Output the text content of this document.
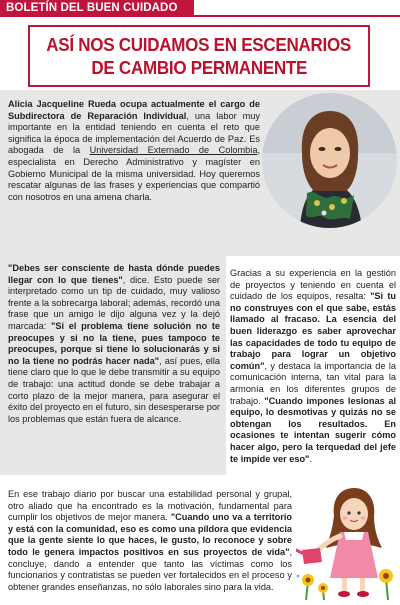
BOLETÍN DEL BUEN CUIDADO
ASÍ NOS CUIDAMOS EN ESCENARIOS
DE CAMBIO PERMANENTE

Alicia Jacqueline Rueda ocupa actualmente el cargo de Subdirectora de Reparación Individual, una labor muy importante en la entidad teniendo en cuenta el reto que significa la época de implementación del Acuerdo de Paz. Es abogada de la Universidad Externado de Colombia, especialista en Derecho Administrativo y magíster en Gobierno Municipal de la misma universidad. Hoy queremos rescatar algunas de las frases y experiencias que compartió con nosotros en una amena charla.

"Debes ser consciente de hasta dónde puedes llegar con lo que tienes", dice. Esto puede ser interpretado como un tip de cuidado, muy valioso frente a la sobrecarga laboral; además, recordó una frase que un amigo le dijo alguna vez y la dejó marcada: "Si el problema tiene solución no te preocupes y si no la tiene, pues tampoco te preocupes, porque si tiene lo solucionarás y si no la tiene no podrás hacer nada", así pues, ella tiene claro que lo que le debe transmitir a su equipo de trabajo: una actitud donde se debe trabajar a corto plazo de la mejor manera, para asegurar el éxito del proyecto en el futuro, sin desesperarse por los problemas que están fuera de alcance.

Gracias a su experiencia en la gestión de proyectos y teniendo en cuenta el cuidado de los equipos, resalta: "Si tu no construyes con el que sabe, estás llamado al fracaso. La esencia del buen liderazgo es saber aprovechar las capacidades de todo tu equipo de trabajo para lograr un objetivo común", y destaca la importancia de la comunicación interna, tan vital para la armonía en los diferentes grupos de trabajo. "Cuando impones lesionas al equipo, lo desmotivas y quizás no se obtengan los resultados. En ocasiones te intentan sugerir cómo hacer algo, pero la terquedad del jefe te impide ver eso".

En ese trabajo diario por buscar una estabilidad personal y grupal, otro aliado que ha encontrado es la motivación, fundamental para cumplir los objetivos de mejor manera. "Cuando uno va a territorio y está con la comunidad, eso es como una píldora que evidencia que la gente siente lo que haces, le gusto, lo reconoce y sobre todo le genera impactos positivos en sus proyectos de vida", concluye, dando a entender que tanto las víctimas como los funcionarios y contratistas se pueden ver fortalecidos en el proceso y obtener grandes enseñanzas, no sólo laborales sino para la vida.
